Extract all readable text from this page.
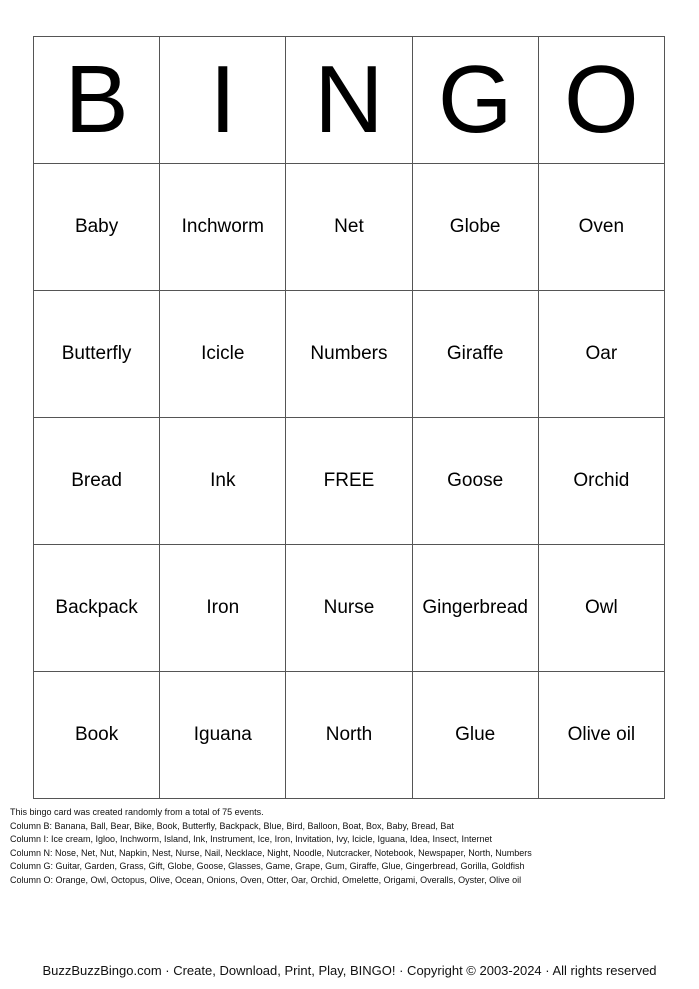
B	I	N	G	O
Baby	Inchworm	Net	Globe	Oven
Butterfly	Icicle	Numbers	Giraffe	Oar
Bread	Ink	FREE	Goose	Orchid
Backpack	Iron	Nurse	Gingerbread	Owl
Book	Iguana	North	Glue	Olive oil
This bingo card was created randomly from a total of 75 events.
Column B: Banana, Ball, Bear, Bike, Book, Butterfly, Backpack, Blue, Bird, Balloon, Boat, Box, Baby, Bread, Bat
Column I: Ice cream, Igloo, Inchworm, Island, Ink, Instrument, Ice, Iron, Invitation, Ivy, Icicle, Iguana, Idea, Insect, Internet
Column N: Nose, Net, Nut, Napkin, Nest, Nurse, Nail, Necklace, Night, Noodle, Nutcracker, Notebook, Newspaper, North, Numbers
Column G: Guitar, Garden, Grass, Gift, Globe, Goose, Glasses, Game, Grape, Gum, Giraffe, Glue, Gingerbread, Gorilla, Goldfish
Column O: Orange, Owl, Octopus, Olive, Ocean, Onions, Oven, Otter, Oar, Orchid, Omelette, Origami, Overalls, Oyster, Olive oil
BuzzBuzzBingo.com · Create, Download, Print, Play, BINGO! · Copyright © 2003-2024 · All rights reserved
